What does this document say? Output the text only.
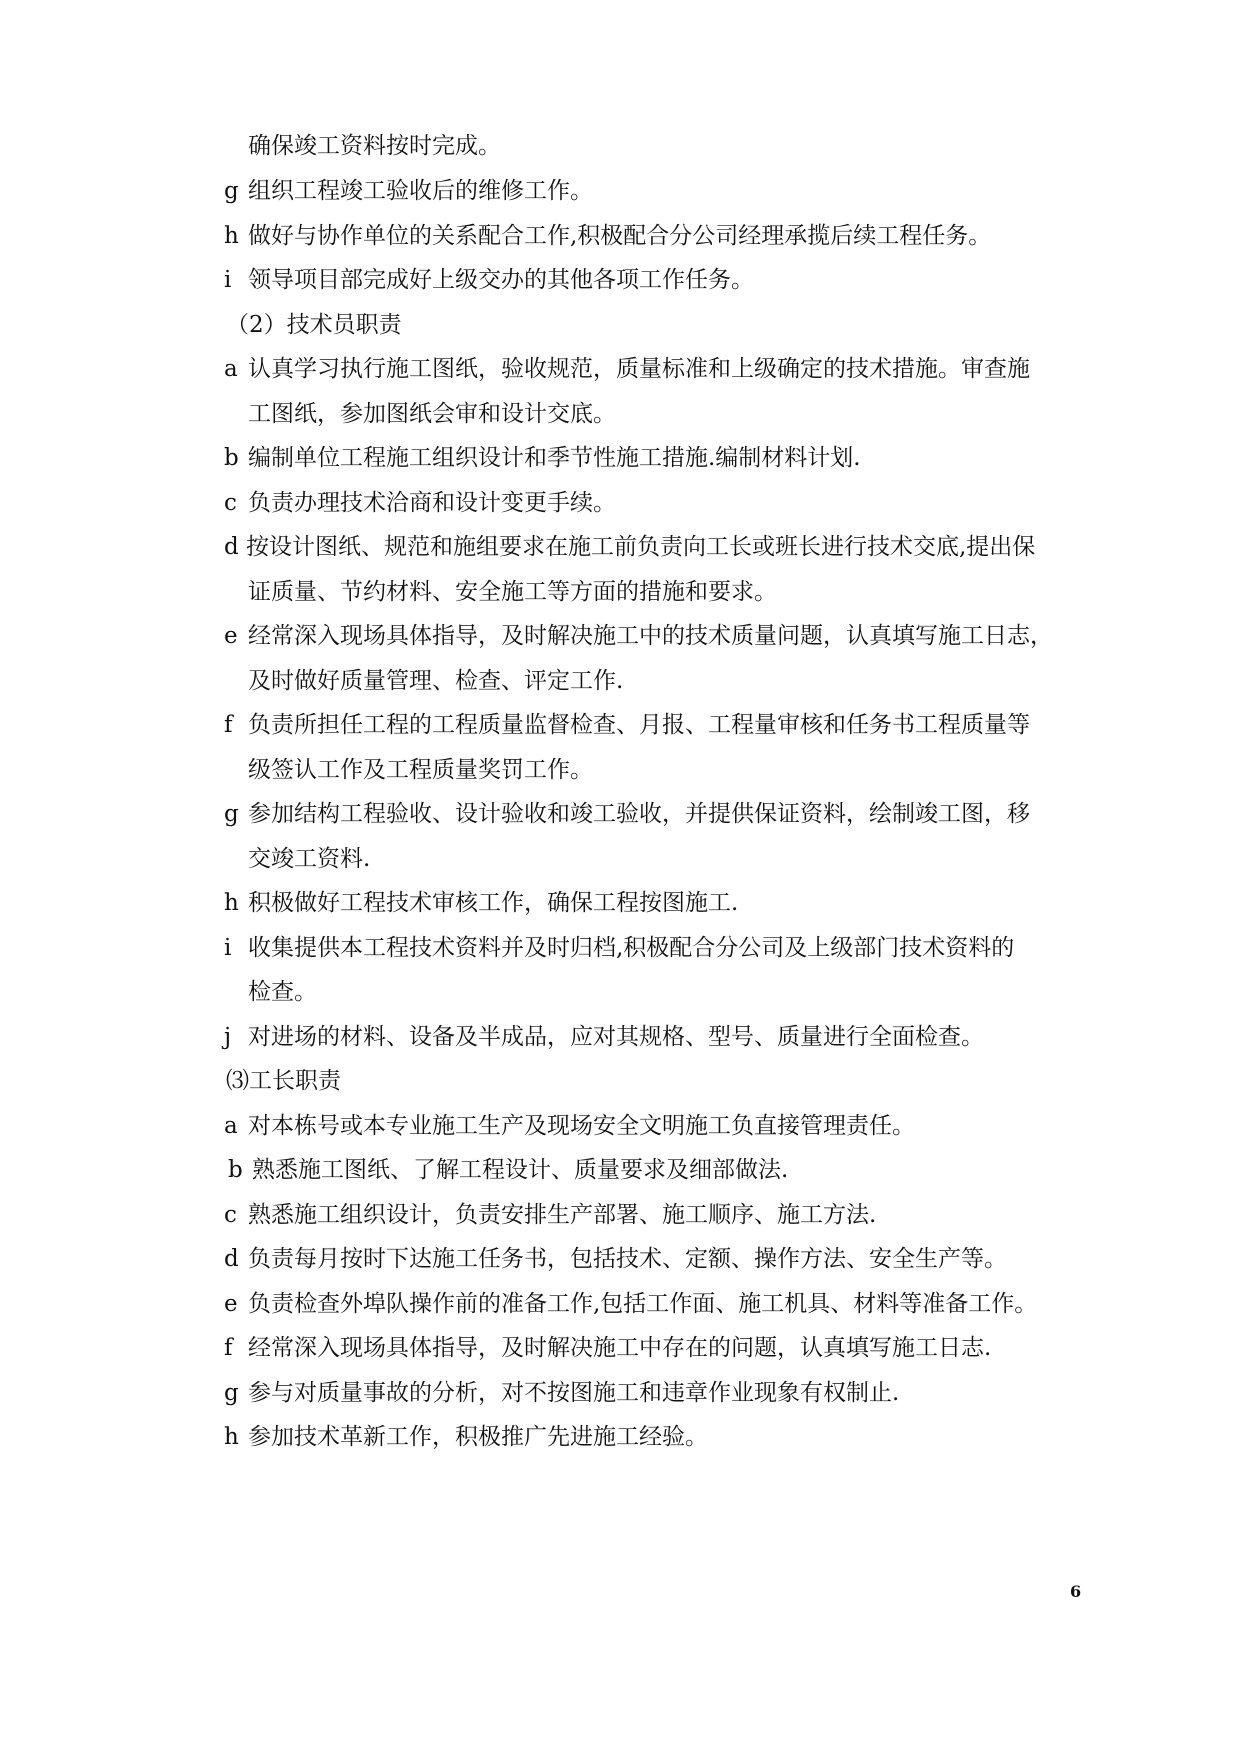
确保竣工资料按时完成。
g 组织工程竣工验收后的维修工作。
h 做好与协作单位的关系配合工作,积极配合分公司经理承揽后续工程任务。
i 领导项目部完成好上级交办的其他各项工作任务。
（2）技术员职责
a 认真学习执行施工图纸，验收规范，质量标准和上级确定的技术措施。审查施
工图纸，参加图纸会审和设计交底。
b 编制单位工程施工组织设计和季节性施工措施.编制材料计划.
c 负责办理技术洽商和设计变更手续。
d 按设计图纸、规范和施组要求在施工前负责向工长或班长进行技术交底,提出保
证质量、节约材料、安全施工等方面的措施和要求。
e 经常深入现场具体指导，及时解决施工中的技术质量问题，认真填写施工日志，
及时做好质量管理、检查、评定工作.
f 负责所担任工程的工程质量监督检查、月报、工程量审核和任务书工程质量等
级签认工作及工程质量奖罚工作。
g 参加结构工程验收、设计验收和竣工验收，并提供保证资料，绘制竣工图，移
交竣工资料.
h 积极做好工程技术审核工作，确保工程按图施工.
i 收集提供本工程技术资料并及时归档,积极配合分公司及上级部门技术资料的
检查。
j 对进场的材料、设备及半成品，应对其规格、型号、质量进行全面检查。
⑶工长职责
a 对本栋号或本专业施工生产及现场安全文明施工负直接管理责任。
b 熟悉施工图纸、了解工程设计、质量要求及细部做法.
c 熟悉施工组织设计，负责安排生产部署、施工顺序、施工方法.
d 负责每月按时下达施工任务书，包括技术、定额、操作方法、安全生产等。
e 负责检查外埠队操作前的准备工作,包括工作面、施工机具、材料等准备工作。
f 经常深入现场具体指导，及时解决施工中存在的问题，认真填写施工日志.
g 参与对质量事故的分析，对不按图施工和违章作业现象有权制止.
h 参加技术革新工作，积极推广先进施工经验。
6
